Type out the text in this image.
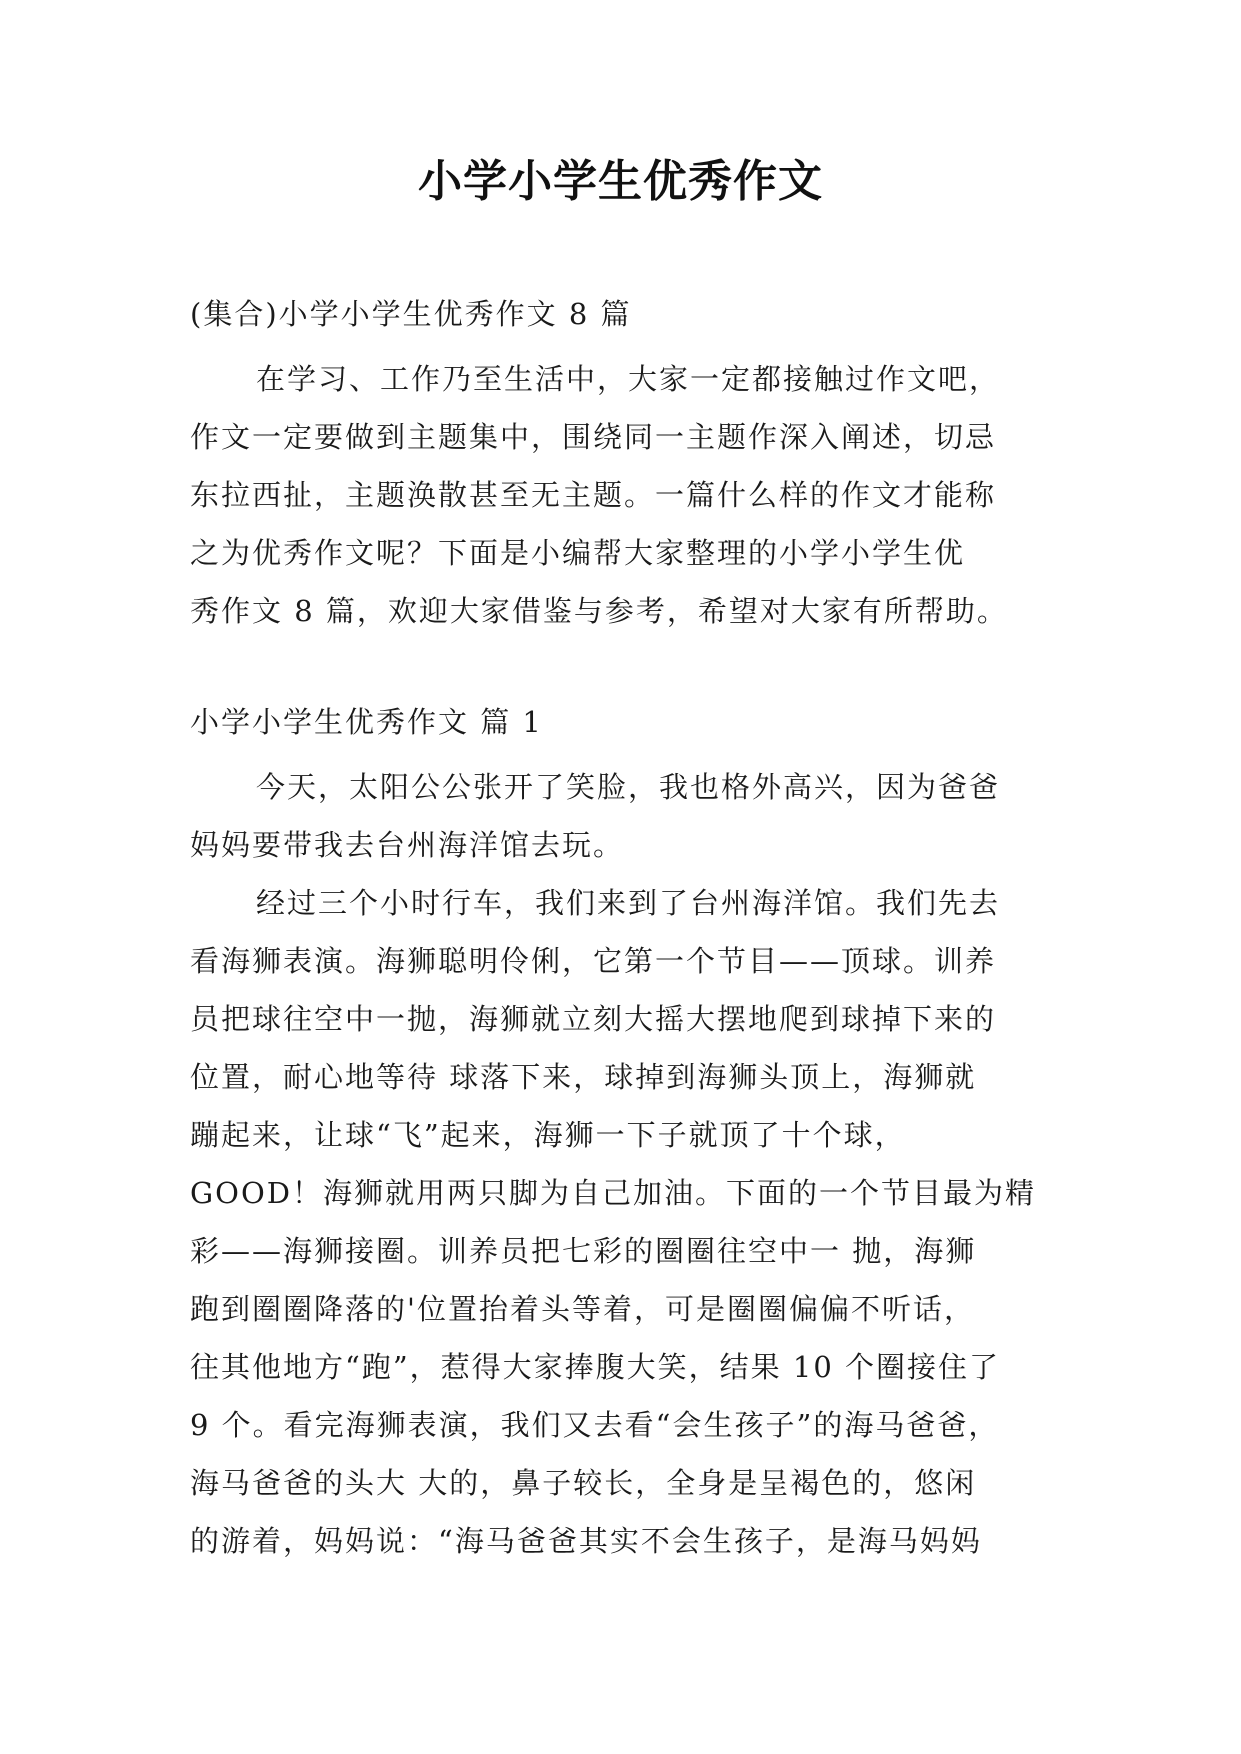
小学小学生优秀作文
(集合)小学小学生优秀作文 8 篇
在学习、工作乃至生活中，大家一定都接触过作文吧，
作文一定要做到主题集中，围绕同一主题作深入阐述，切忌
东拉西扯，主题涣散甚至无主题。一篇什么样的作文才能称
之为优秀作文呢？下面是小编帮大家整理的小学小学生优
秀作文 8 篇，欢迎大家借鉴与参考，希望对大家有所帮助。
小学小学生优秀作文 篇 1
今天，太阳公公张开了笑脸，我也格外高兴，因为爸爸
妈妈要带我去台州海洋馆去玩。
经过三个小时行车，我们来到了台州海洋馆。我们先去
看海狮表演。海狮聪明伶俐，它第一个节目——顶球。训养
员把球往空中一抛，海狮就立刻大摇大摆地爬到球掉下来的
位置，耐心地等待 球落下来，球掉到海狮头顶上，海狮就
蹦起来，让球“飞”起来，海狮一下子就顶了十个球，
GOOD！海狮就用两只脚为自己加油。下面的一个节目最为精
彩——海狮接圈。训养员把七彩的圈圈往空中一 抛，海狮
跑到圈圈降落的'位置抬着头等着，可是圈圈偏偏不听话，
往其他地方“跑”，惹得大家捧腹大笑，结果 10 个圈接住了
9 个。看完海狮表演，我们又去看“会生孩子”的海马爸爸，
海马爸爸的头大 大的，鼻子较长，全身是呈褐色的，悠闲
的游着，妈妈说：“海马爸爸其实不会生孩子，是海马妈妈
